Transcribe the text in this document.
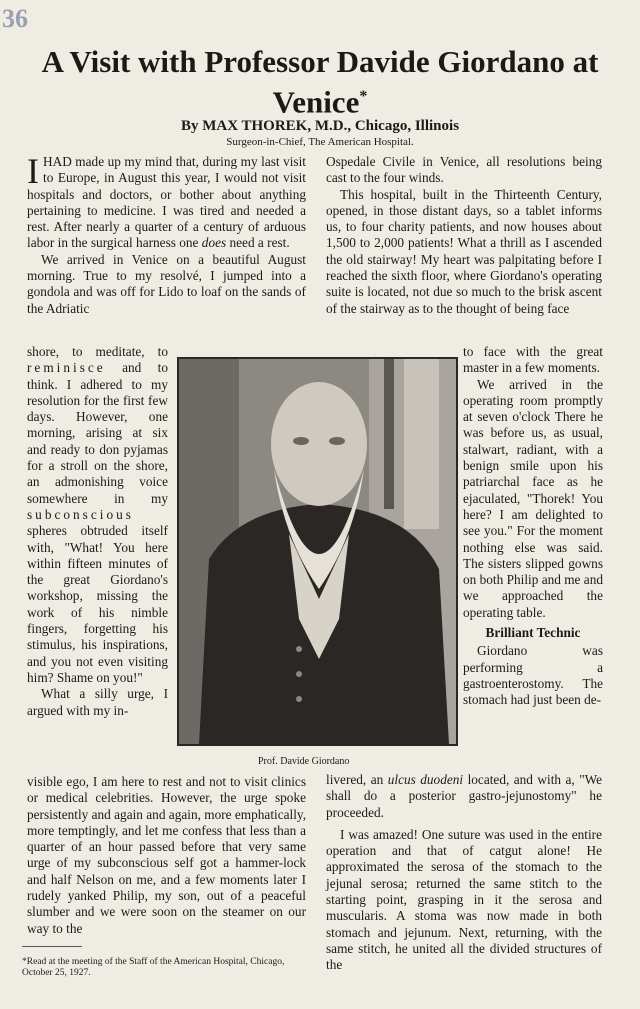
36
A Visit with Professor Davide Giordano at Venice*
By MAX THOREK, M.D., Chicago, Illinois
Surgeon-in-Chief, The American Hospital.

IHAD made up my mind that, during my last visit to Europe, in August this year, I would not visit hospitals and doctors, or bother about anything pertaining to medicine. I was tired and needed a rest. After nearly a quarter of a century of arduous labor in the surgical harness one does need a rest.

We arrived in Venice on a beautiful August morning. True to my resolvé, I jumped into a gondola and was off for Lido to loaf on the sands of the Adriatic

shore, to meditate, to reminisce and to think. I adhered to my resolution for the first few days. However, one morning, arising at six and ready to don pyjamas for a stroll on the shore, an admonishing voice somewhere in my subconscious spheres obtruded itself with, "What! You here within fifteen minutes of the great Giordano's workshop, missing the work of his nimble fingers, forgetting his stimulus, his inspirations, and you not even visiting him? Shame on you!"

What a silly urge, I argued with my in-

visible ego, I am here to rest and not to visit clinics or medical celebrities. However, the urge spoke persistently and again and again, more emphatically, more temptingly, and let me confess that less than a quarter of an hour passed before that very same urge of my subconscious self got a hammer-lock and half Nelson on me, and a few moments later I rudely yanked Philip, my son, out of a peaceful slumber and we were soon on the steamer on our way to the

Ospedale Civile in Venice, all resolutions being cast to the four winds.

This hospital, built in the Thirteenth Century, opened, in those distant days, so a tablet informs us, to four charity patients, and now houses about 1,500 to 2,000 patients! What a thrill as I ascended the old stairway! My heart was palpitating before I reached the sixth floor, where Giordano's operating suite is located, not due so much to the brisk ascent of the stairway as to the thought of being face

to face with the great master in a few moments.

We arrived in the operating room promptly at seven o'clock There he was before us, as usual, stalwart, radiant, with a benign smile upon his patriarchal face as he ejaculated, "Thorek! You here? I am delighted to see you." For the moment nothing else was said. The sisters slipped gowns on both Philip and me and we approached the operating table.

Brilliant Technic

Giordano was performing a gastroenterostomy. The stomach had just been de-

livered, an ulcus duodeni located, and with a, "We shall do a posterior gastro-jejunostomy" he proceeded.

I was amazed! One suture was used in the entire operation and that of catgut alone! He approximated the serosa of the stomach to the jejunal serosa; returned the same stitch to the starting point, grasping in it the serosa and muscularis. A stoma was now made in both stomach and jejunum. Next, returning, with the same stitch, he united all the divided structures of the

Prof. Davide Giordano
*Read at the meeting of the Staff of the American Hospital, Chicago, October 25, 1927.
